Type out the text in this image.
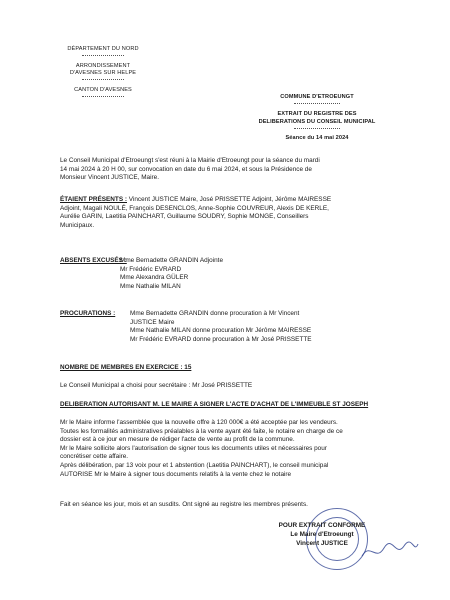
DÉPARTEMENT DU NORD
ARRONDISSEMENT
D'AVESNES SUR HELPE
CANTON D'AVESNES
COMMUNE D'ETROEUNGT
EXTRAIT DU REGISTRE DES
DELIBERATIONS DU CONSEIL MUNICIPAL
Séance du 14 mai 2024
Le Conseil Municipal d'Etroeungt s'est réuni à la Mairie d'Etroeungt pour la séance du mardi
14 mai 2024 à 20 H 00, sur convocation en date du 6 mai 2024, et sous la Présidence de
Monsieur Vincent JUSTICE, Maire.
ÉTAIENT PRÉSENTS : Vincent JUSTICE Maire, José PRISSETTE Adjoint, Jérôme MAIRESSE
Adjoint, Magali NOULÉ, François DESENCLOS, Anne-Sophie COUVREUR, Alexis DE KERLE,
Aurélie GARIN, Laetitia PAINCHART, Guillaume SOUDRY, Sophie MONGE, Conseillers
Municipaux.
ABSENTS EXCUSÉS :
Mme Bernadette GRANDIN Adjointe
Mr Frédéric EVRARD
Mme Alexandra GÜLER
Mme Nathalie MILAN
PROCURATIONS : Mme Bernadette GRANDIN donne procuration à Mr Vincent
JUSTICE Maire
Mme Nathalie MILAN donne procuration Mr Jérôme MAIRESSE
Mr Frédéric EVRARD donne procuration à Mr José PRISSETTE
NOMBRE DE MEMBRES EN EXERCICE : 15
Le Conseil Municipal a choisi pour secrétaire : Mr José PRISSETTE
DELIBERATION AUTORISANT M. LE MAIRE A SIGNER L'ACTE D'ACHAT DE L'IMMEUBLE ST JOSEPH
Mr le Maire informe l'assemblée que la nouvelle offre à 120 000€ a été acceptée par les vendeurs.
Toutes les formalités administratives préalables à la vente ayant été faite, le notaire en charge de ce
dossier est à ce jour en mesure de rédiger l'acte de vente au profit de la commune.
Mr le Maire sollicite alors l'autorisation de signer tous les documents utiles et nécessaires pour
concrétiser cette affaire.
Après délibération, par 13 voix pour et 1 abstention (Laetitia PAINCHART), le conseil municipal
AUTORISE Mr le Maire à signer tous documents relatifs à la vente chez le notaire
Fait en séance les jour, mois et an susdits. Ont signé au registre les membres présents.
POUR EXTRAIT CONFORME
Le Maire d'Etroeungt
Vincent JUSTICE
